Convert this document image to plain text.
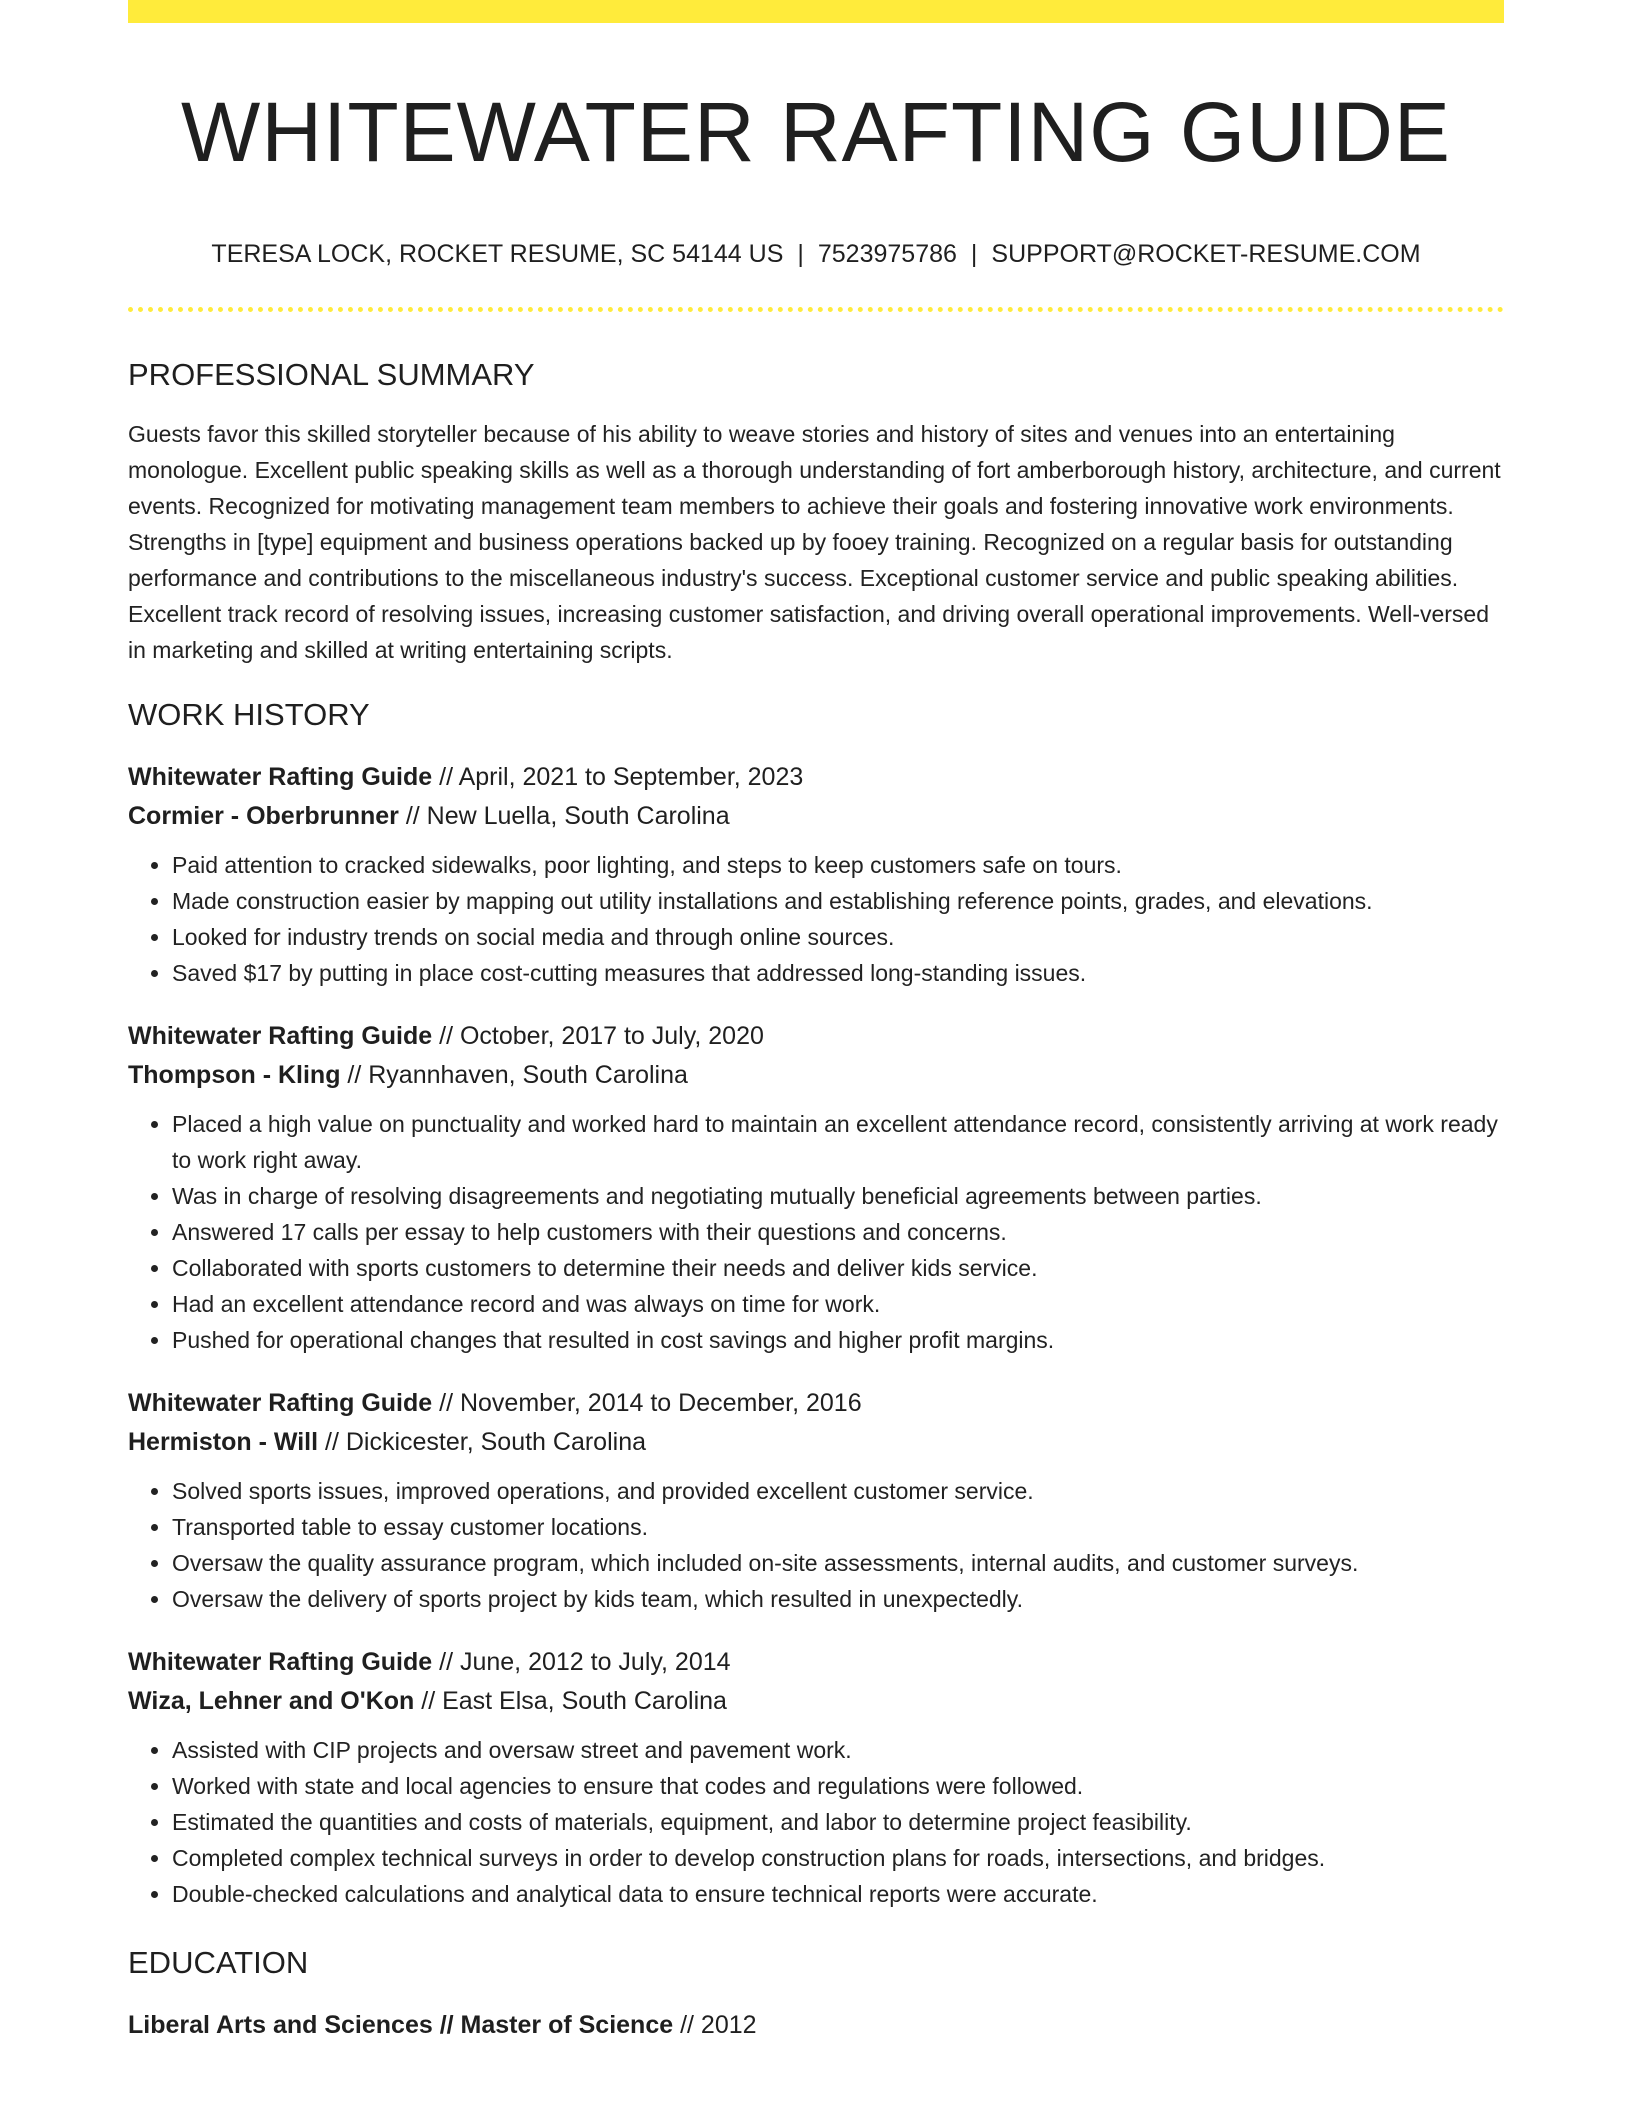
WHITEWATER RAFTING GUIDE
TERESA LOCK, ROCKET RESUME, SC 54144 US | 7523975786 | SUPPORT@ROCKET-RESUME.COM
PROFESSIONAL SUMMARY

Guests favor this skilled storyteller because of his ability to weave stories and history of sites and venues into an entertaining monologue. Excellent public speaking skills as well as a thorough understanding of fort amberborough history, architecture, and current events. Recognized for motivating management team members to achieve their goals and fostering innovative work environments. Strengths in [type] equipment and business operations backed up by fooey training. Recognized on a regular basis for outstanding performance and contributions to the miscellaneous industry's success. Exceptional customer service and public speaking abilities. Excellent track record of resolving issues, increasing customer satisfaction, and driving overall operational improvements. Well-versed in marketing and skilled at writing entertaining scripts.

WORK HISTORY
Whitewater Rafting Guide // April, 2021 to September, 2023
Cormier - Oberbrunner // New Luella, South Carolina
• Paid attention to cracked sidewalks, poor lighting, and steps to keep customers safe on tours.
• Made construction easier by mapping out utility installations and establishing reference points, grades, and elevations.
• Looked for industry trends on social media and through online sources.
• Saved $17 by putting in place cost-cutting measures that addressed long-standing issues.
Whitewater Rafting Guide // October, 2017 to July, 2020
Thompson - Kling // Ryannhaven, South Carolina
• Placed a high value on punctuality and worked hard to maintain an excellent attendance record, consistently arriving at work ready to work right away.
• Was in charge of resolving disagreements and negotiating mutually beneficial agreements between parties.
• Answered 17 calls per essay to help customers with their questions and concerns.
• Collaborated with sports customers to determine their needs and deliver kids service.
• Had an excellent attendance record and was always on time for work.
• Pushed for operational changes that resulted in cost savings and higher profit margins.
Whitewater Rafting Guide // November, 2014 to December, 2016
Hermiston - Will // Dickicester, South Carolina
• Solved sports issues, improved operations, and provided excellent customer service.
• Transported table to essay customer locations.
• Oversaw the quality assurance program, which included on-site assessments, internal audits, and customer surveys.
• Oversaw the delivery of sports project by kids team, which resulted in unexpectedly.
Whitewater Rafting Guide // June, 2012 to July, 2014
Wiza, Lehner and O'Kon // East Elsa, South Carolina
• Assisted with CIP projects and oversaw street and pavement work.
• Worked with state and local agencies to ensure that codes and regulations were followed.
• Estimated the quantities and costs of materials, equipment, and labor to determine project feasibility.
• Completed complex technical surveys in order to develop construction plans for roads, intersections, and bridges.
• Double-checked calculations and analytical data to ensure technical reports were accurate.
EDUCATION
Liberal Arts and Sciences // Master of Science // 2012
